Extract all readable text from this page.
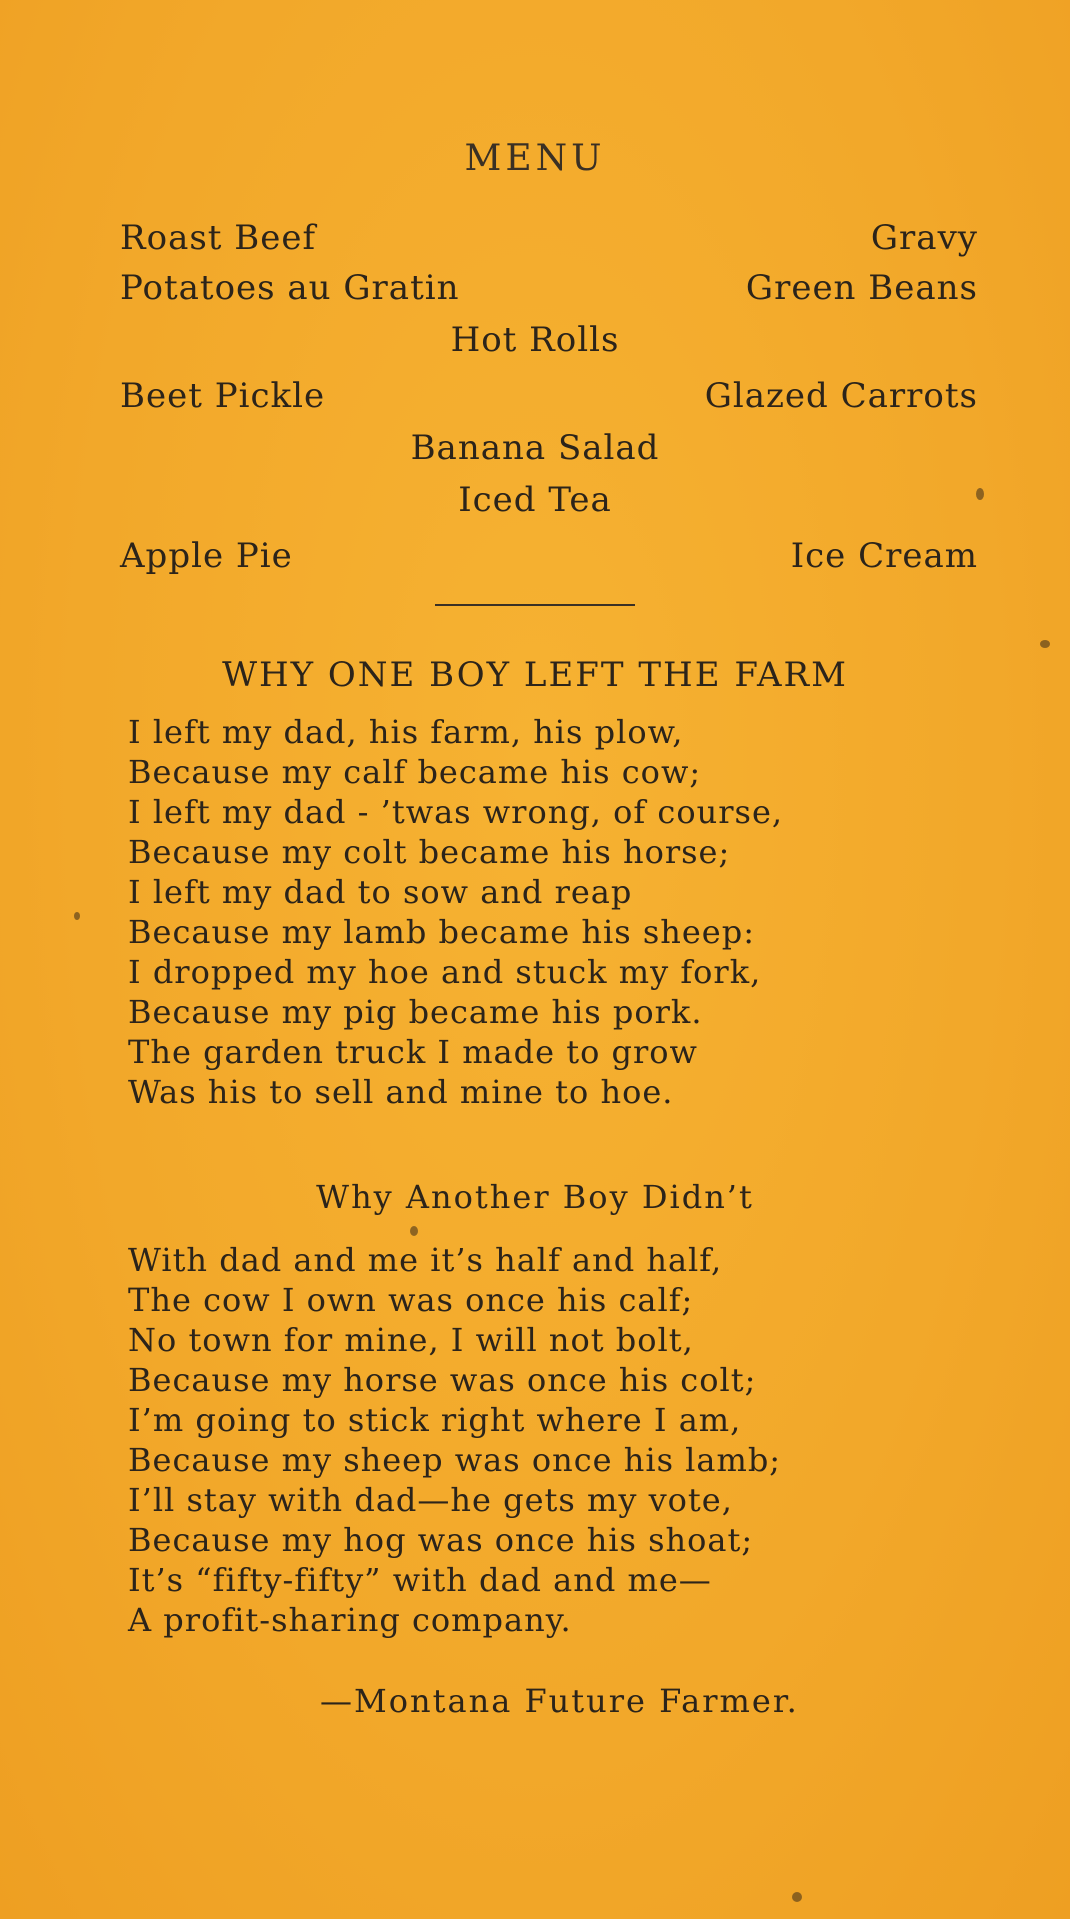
MENU
Roast Beef	Gravy
Potatoes au Gratin	Green Beans
Hot Rolls
Beet Pickle	Glazed Carrots
Banana Salad
Iced Tea
Apple Pie	Ice Cream
WHY ONE BOY LEFT THE FARM
I left my dad, his farm, his plow,
Because my calf became his cow;
I left my dad - ’twas wrong, of course,
Because my colt became his horse;
I left my dad to sow and reap
Because my lamb became his sheep:
I dropped my hoe and stuck my fork,
Because my pig became his pork.
The garden truck I made to grow
Was his to sell and mine to hoe.
Why Another Boy Didn’t
With dad and me it’s half and half,
The cow I own was once his calf;
No town for mine, I will not bolt,
Because my horse was once his colt;
I’m going to stick right where I am,
Because my sheep was once his lamb;
I’ll stay with dad—he gets my vote,
Because my hog was once his shoat;
It’s “fifty-fifty” with dad and me—
A profit-sharing company.
—Montana Future Farmer.
